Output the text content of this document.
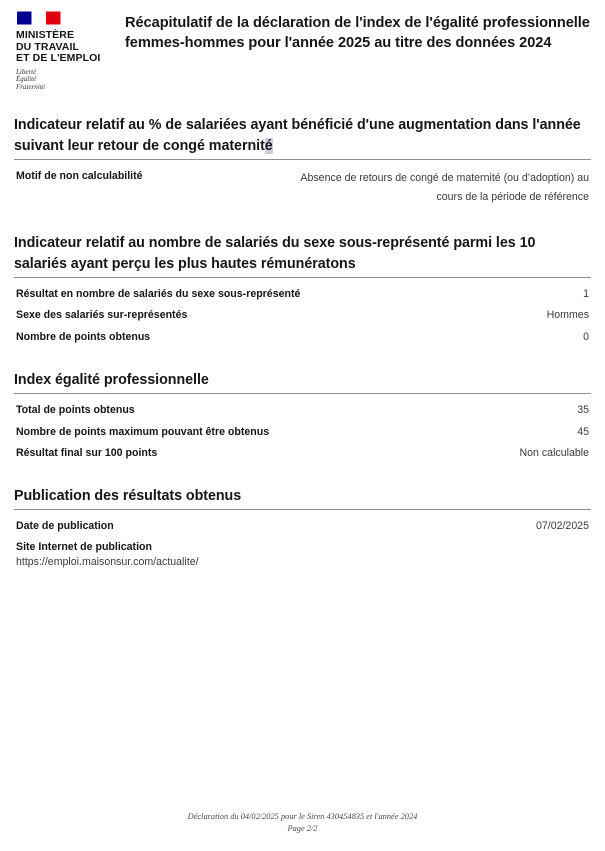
MINISTÈRE
DU TRAVAIL
ET DE L'EMPLOI
Liberté
Égalité
Fraternité
Récapitulatif de la déclaration de l'index de l'égalité professionnelle femmes-hommes pour l'année 2025 au titre des données 2024
Indicateur relatif au % de salariées ayant bénéficié d'une augmentation dans l'année suivant leur retour de congé maternité
Motif de non calculabilité	Absence de retours de congé de maternité (ou d’adoption) au cours de la période de référence
Indicateur relatif au nombre de salariés du sexe sous-représenté parmi les 10 salariés ayant perçu les plus hautes rémunératons
Résultat en nombre de salariés du sexe sous-représenté	1
Sexe des salariés sur-représentés	Hommes
Nombre de points obtenus	0
Index égalité professionnelle
Total de points obtenus	35
Nombre de points maximum pouvant être obtenus	45
Résultat final sur 100 points	Non calculable
Publication des résultats obtenus
Date de publication	07/02/2025
Site Internet de publication
https://emploi.maisonsur.com/actualite/
Déclaration du 04/02/2025 pour le Siren 430454835 et l'année 2024
Page 2/2
